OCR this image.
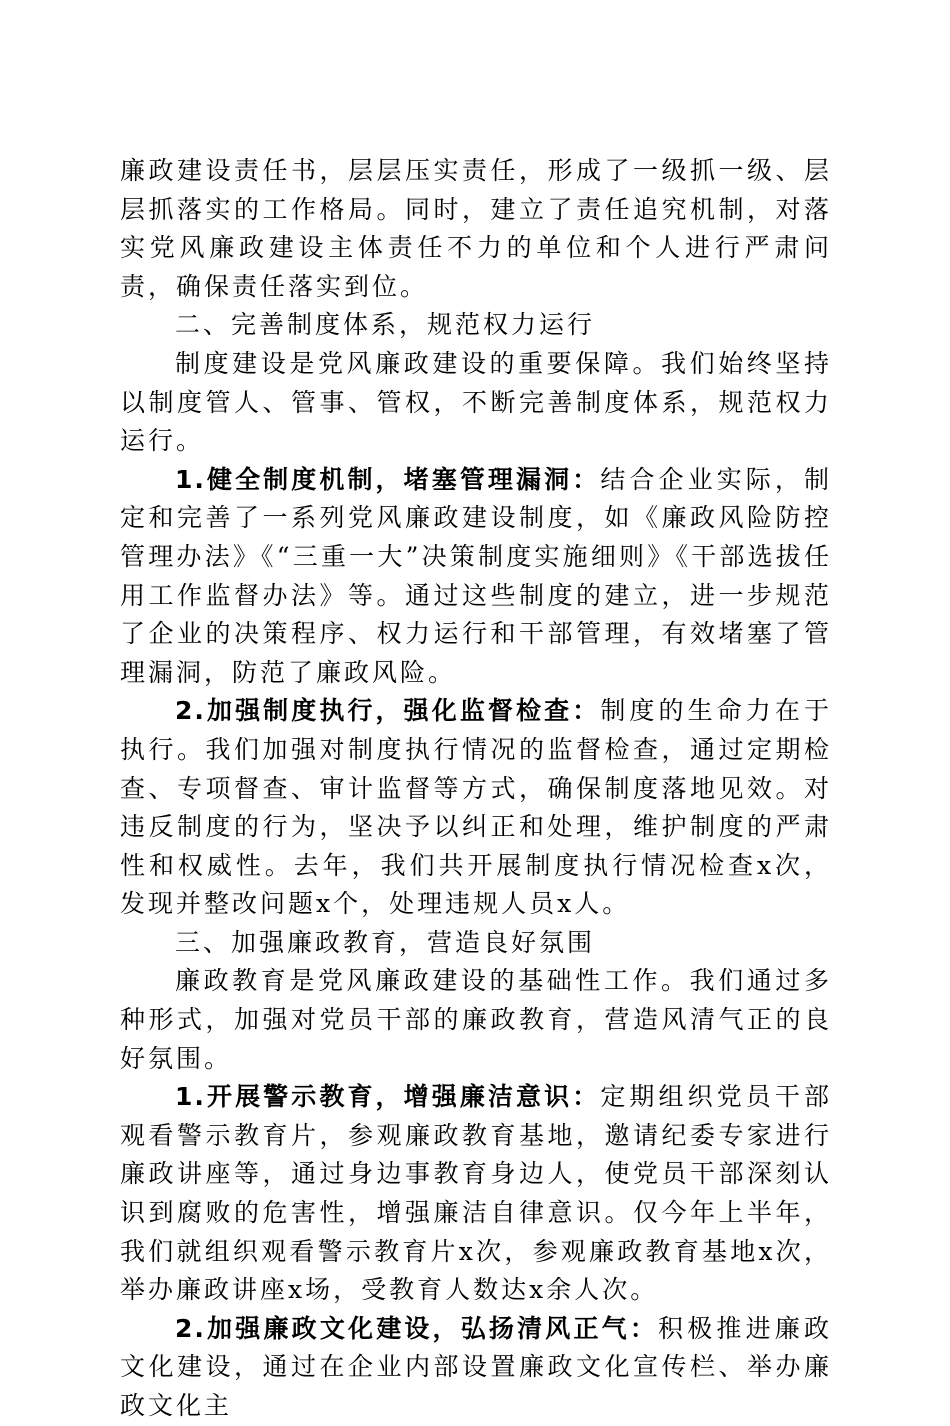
廉政建设责任书，层层压实责任，形成了一级抓一级、层层抓落实的工作格局。同时，建立了责任追究机制，对落实党风廉政建设主体责任不力的单位和个人进行严肃问责，确保责任落实到位。

二、完善制度体系，规范权力运行

制度建设是党风廉政建设的重要保障。我们始终坚持以制度管人、管事、管权，不断完善制度体系，规范权力运行。

1.健全制度机制，堵塞管理漏洞：结合企业实际，制定和完善了一系列党风廉政建设制度，如《廉政风险防控管理办法》《“三重一大”决策制度实施细则》《干部选拔任用工作监督办法》等。通过这些制度的建立，进一步规范了企业的决策程序、权力运行和干部管理，有效堵塞了管理漏洞，防范了廉政风险。

2.加强制度执行，强化监督检查：制度的生命力在于执行。我们加强对制度执行情况的监督检查，通过定期检查、专项督查、审计监督等方式，确保制度落地见效。对违反制度的行为，坚决予以纠正和处理，维护制度的严肃性和权威性。去年，我们共开展制度执行情况检查x次，发现并整改问题x个，处理违规人员x人。

三、加强廉政教育，营造良好氛围

廉政教育是党风廉政建设的基础性工作。我们通过多种形式，加强对党员干部的廉政教育，营造风清气正的良好氛围。

1.开展警示教育，增强廉洁意识：定期组织党员干部观看警示教育片，参观廉政教育基地，邀请纪委专家进行廉政讲座等，通过身边事教育身边人，使党员干部深刻认识到腐败的危害性，增强廉洁自律意识。仅今年上半年，我们就组织观看警示教育片x次，参观廉政教育基地x次，举办廉政讲座x场，受教育人数达x余人次。

2.加强廉政文化建设，弘扬清风正气：积极推进廉政文化建设，通过在企业内部设置廉政文化宣传栏、举办廉政文化主
